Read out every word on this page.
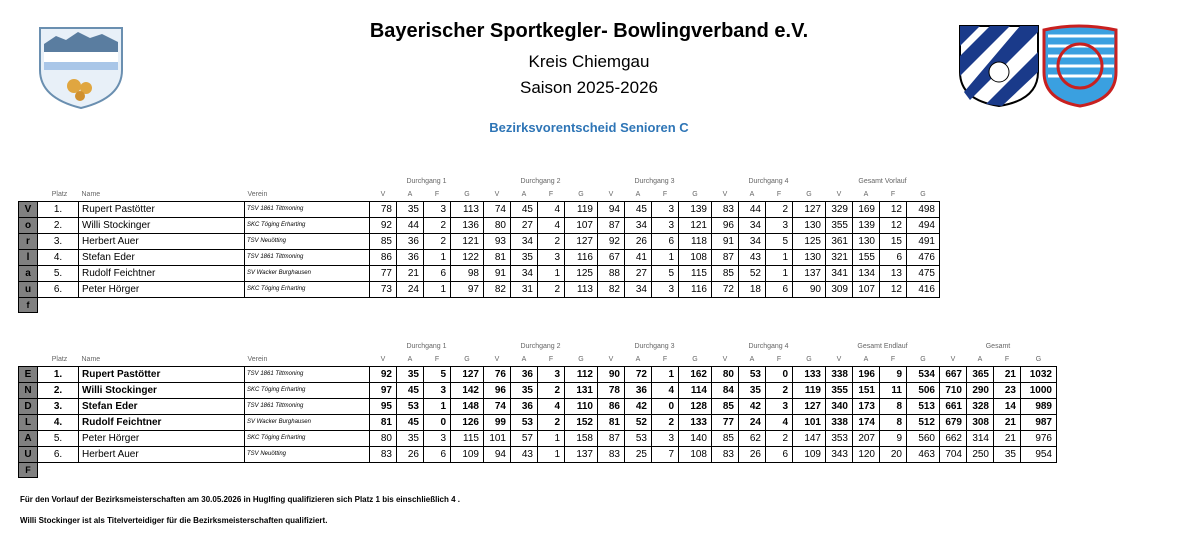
Bayerischer Sportkegler- Bowlingverband e.V.
Kreis Chiemgau
Saison 2025-2026
Bezirksvorentscheid Senioren C
				Durchgang 1				Durchgang 2				Durchgang 3				Durchgang 4				Gesamt Vorlauf			
	Platz	Name	Verein	V	A	F	G	V	A	F	G	V	A	F	G	V	A	F	G	V	A	F	G
V	1.	Rupert Pastötter	TSV 1861 Tittmoning	78	35	3	113	74	45	4	119	94	45	3	139	83	44	2	127	329	169	12	498
o	2.	Willi Stockinger	SKC Töging Erharting	92	44	2	136	80	27	4	107	87	34	3	121	96	34	3	130	355	139	12	494
r	3.	Herbert Auer	TSV Neuötting	85	36	2	121	93	34	2	127	92	26	6	118	91	34	5	125	361	130	15	491
l	4.	Stefan Eder	TSV 1861 Tittmoning	86	36	1	122	81	35	3	116	67	41	1	108	87	43	1	130	321	155	6	476
a	5.	Rudolf Feichtner	SV Wacker Burghausen	77	21	6	98	91	34	1	125	88	27	5	115	85	52	1	137	341	134	13	475
u	6.	Peter Hörger	SKC Töging Erharting	73	24	1	97	82	31	2	113	82	34	3	116	72	18	6	90	309	107	12	416
f																							
				Durchgang 1				Durchgang 2				Durchgang 3				Durchgang 4				Gesamt Endlauf				Gesamt			
	Platz	Name	Verein	V	A	F	G	V	A	F	G	V	A	F	G	V	A	F	G	V	A	F	G	V	A	F	G
E	1.	Rupert Pastötter	TSV 1861 Tittmoning	92	35	5	127	76	36	3	112	90	72	1	162	80	53	0	133	338	196	9	534	667	365	21	1032
N	2.	Willi Stockinger	SKC Töging Erharting	97	45	3	142	96	35	2	131	78	36	4	114	84	35	2	119	355	151	11	506	710	290	23	1000
D	3.	Stefan Eder	TSV 1861 Tittmoning	95	53	1	148	74	36	4	110	86	42	0	128	85	42	3	127	340	173	8	513	661	328	14	989
L	4.	Rudolf Feichtner	SV Wacker Burghausen	81	45	0	126	99	53	2	152	81	52	2	133	77	24	4	101	338	174	8	512	679	308	21	987
A	5.	Peter Hörger	SKC Töging Erharting	80	35	3	115	101	57	1	158	87	53	3	140	85	62	2	147	353	207	9	560	662	314	21	976
U	6.	Herbert Auer	TSV Neuötting	83	26	6	109	94	43	1	137	83	25	7	108	83	26	6	109	343	120	20	463	704	250	35	954
F																											
Für den Vorlauf der Bezirksmeisterschaften am 30.05.2026 in Huglfing qualifizieren sich Platz 1 bis einschließlich 4 .
Willi Stockinger ist als Titelverteidiger für die Bezirksmeisterschaften qualifiziert.
